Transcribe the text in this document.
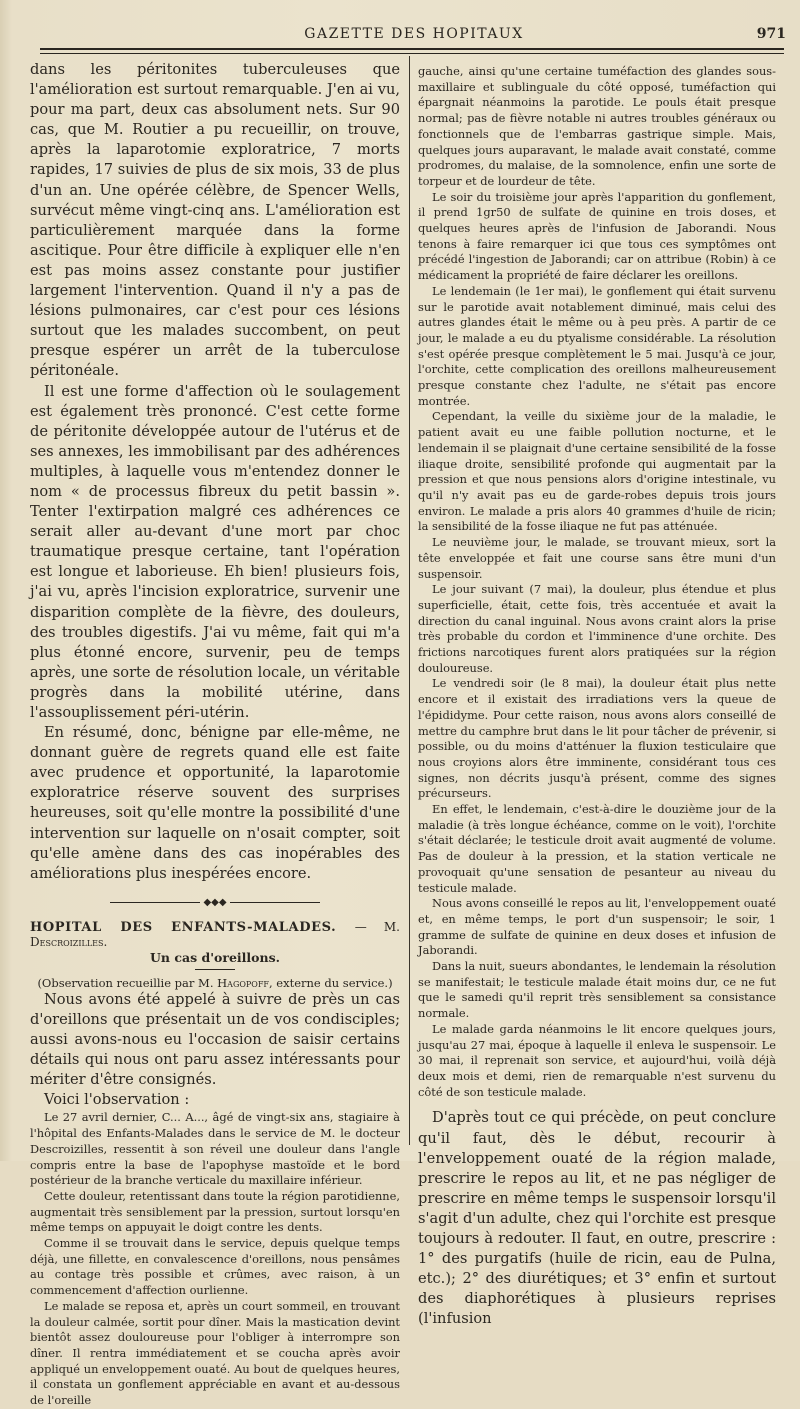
GAZETTE DES HOPITAUX	971

dans les péritonites tuberculeuses que l'amélioration est surtout remarquable. J'en ai vu, pour ma part, deux cas absolument nets. Sur 90 cas, que M. Routier a pu recueillir, on trouve, après la laparotomie exploratrice, 7 morts rapides, 17 suivies de plus de six mois, 33 de plus d'un an. Une opérée célèbre, de Spencer Wells, survécut même vingt-cinq ans. L'amélioration est particulièrement marquée dans la forme ascitique. Pour être difficile à expliquer elle n'en est pas moins assez constante pour justifier largement l'intervention. Quand il n'y a pas de lésions pulmonaires, car c'est pour ces lésions surtout que les malades succombent, on peut presque espérer un arrêt de la tuberculose péritonéale.

Il est une forme d'affection où le soulagement est également très prononcé. C'est cette forme de péritonite développée autour de l'utérus et de ses annexes, les immobilisant par des adhérences multiples, à laquelle vous m'entendez donner le nom « de processus fibreux du petit bassin ». Tenter l'extirpation malgré ces adhérences ce serait aller au-devant d'une mort par choc traumatique presque certaine, tant l'opération est longue et laborieuse. Eh bien! plusieurs fois, j'ai vu, après l'incision exploratrice, survenir une disparition complète de la fièvre, des douleurs, des troubles digestifs. J'ai vu même, fait qui m'a plus étonné encore, survenir, peu de temps après, une sorte de résolution locale, un véritable progrès dans la mobilité utérine, dans l'assouplissement péri-utérin.

En résumé, donc, bénigne par elle-même, ne donnant guère de regrets quand elle est faite avec prudence et opportunité, la laparotomie exploratrice réserve souvent des surprises heureuses, soit qu'elle montre la possibilité d'une intervention sur laquelle on n'osait compter, soit qu'elle amène dans des cas inopérables des améliorations plus inespérées encore.

◆◆◆

HOPITAL DES ENFANTS-MALADES. — M. Descroizilles.

Un cas d'oreillons.

(Observation recueillie par M. Hagopoff, externe du service.)

Nous avons été appelé à suivre de près un cas d'oreillons que présentait un de vos condisciples; aussi avons-nous eu l'occasion de saisir certains détails qui nous ont paru assez intéressants pour mériter d'être consignés.

Voici l'observation :

Le 27 avril dernier, C... A..., âgé de vingt-six ans, stagiaire à l'hôpital des Enfants-Malades dans le service de M. le docteur Descroizilles, ressentit à son réveil une douleur dans l'angle compris entre la base de l'apophyse mastoïde et le bord postérieur de la branche verticale du maxillaire inférieur.

Cette douleur, retentissant dans toute la région parotidienne, augmentait très sensiblement par la pression, surtout lorsqu'en même temps on appuyait le doigt contre les dents.

Comme il se trouvait dans le service, depuis quelque temps déjà, une fillette, en convalescence d'oreillons, nous pensâmes au contage très possible et crûmes, avec raison, à un commencement d'affection ourlienne.

Le malade se reposa et, après un court sommeil, en trouvant la douleur calmée, sortit pour dîner. Mais la mastication devint bientôt assez douloureuse pour l'obliger à interrompre son dîner. Il rentra immédiatement et se coucha après avoir appliqué un enveloppement ouaté. Au bout de quelques heures, il constata un gonflement appréciable en avant et au-dessous de l'oreille

gauche, ainsi qu'une certaine tuméfaction des glandes sous-maxillaire et sublinguale du côté opposé, tuméfaction qui épargnait néanmoins la parotide. Le pouls était presque normal; pas de fièvre notable ni autres troubles généraux ou fonctionnels que de l'embarras gastrique simple. Mais, quelques jours auparavant, le malade avait constaté, comme prodromes, du malaise, de la somnolence, enfin une sorte de torpeur et de lourdeur de tête.

Le soir du troisième jour après l'apparition du gonflement, il prend 1gr50 de sulfate de quinine en trois doses, et quelques heures après de l'infusion de Jaborandi. Nous tenons à faire remarquer ici que tous ces symptômes ont précédé l'ingestion de Jaborandi; car on attribue (Robin) à ce médicament la propriété de faire déclarer les oreillons.

Le lendemain (le 1er mai), le gonflement qui était survenu sur le parotide avait notablement diminué, mais celui des autres glandes était le même ou à peu près. A partir de ce jour, le malade a eu du ptyalisme considérable. La résolution s'est opérée presque complètement le 5 mai. Jusqu'à ce jour, l'orchite, cette complication des oreillons malheureusement presque constante chez l'adulte, ne s'était pas encore montrée.

Cependant, la veille du sixième jour de la maladie, le patient avait eu une faible pollution nocturne, et le lendemain il se plaignait d'une certaine sensibilité de la fosse iliaque droite, sensibilité profonde qui augmentait par la pression et que nous pensions alors d'origine intestinale, vu qu'il n'y avait pas eu de garde-robes depuis trois jours environ. Le malade a pris alors 40 grammes d'huile de ricin; la sensibilité de la fosse iliaque ne fut pas atténuée.

Le neuvième jour, le malade, se trouvant mieux, sort la tête enveloppée et fait une course sans être muni d'un suspensoir.

Le jour suivant (7 mai), la douleur, plus étendue et plus superficielle, était, cette fois, très accentuée et avait la direction du canal inguinal. Nous avons craint alors la prise très probable du cordon et l'imminence d'une orchite. Des frictions narcotiques furent alors pratiquées sur la région douloureuse.

Le vendredi soir (le 8 mai), la douleur était plus nette encore et il existait des irradiations vers la queue de l'épididyme. Pour cette raison, nous avons alors conseillé de mettre du camphre brut dans le lit pour tâcher de prévenir, si possible, ou du moins d'atténuer la fluxion testiculaire que nous croyions alors être imminente, considérant tous ces signes, non décrits jusqu'à présent, comme des signes précurseurs.

En effet, le lendemain, c'est-à-dire le douzième jour de la maladie (à très longue échéance, comme on le voit), l'orchite s'était déclarée; le testicule droit avait augmenté de volume. Pas de douleur à la pression, et la station verticale ne provoquait qu'une sensation de pesanteur au niveau du testicule malade.

Nous avons conseillé le repos au lit, l'enveloppement ouaté et, en même temps, le port d'un suspensoir; le soir, 1 gramme de sulfate de quinine en deux doses et infusion de Jaborandi.

Dans la nuit, sueurs abondantes, le lendemain la résolution se manifestait; le testicule malade était moins dur, ce ne fut que le samedi qu'il reprit très sensiblement sa consistance normale.

Le malade garda néanmoins le lit encore quelques jours, jusqu'au 27 mai, époque à laquelle il enleva le suspensoir. Le 30 mai, il reprenait son service, et aujourd'hui, voilà déjà deux mois et demi, rien de remarquable n'est survenu du côté de son testicule malade.

D'après tout ce qui précède, on peut conclure qu'il faut, dès le début, recourir à l'enveloppement ouaté de la région malade, prescrire le repos au lit, et ne pas négliger de prescrire en même temps le suspensoir lorsqu'il s'agit d'un adulte, chez qui l'orchite est presque toujours à redouter. Il faut, en outre, prescrire : 1° des purgatifs (huile de ricin, eau de Pulna, etc.); 2° des diurétiques; et 3° enfin et surtout des diaphorétiques à plusieurs reprises (l'infusion
